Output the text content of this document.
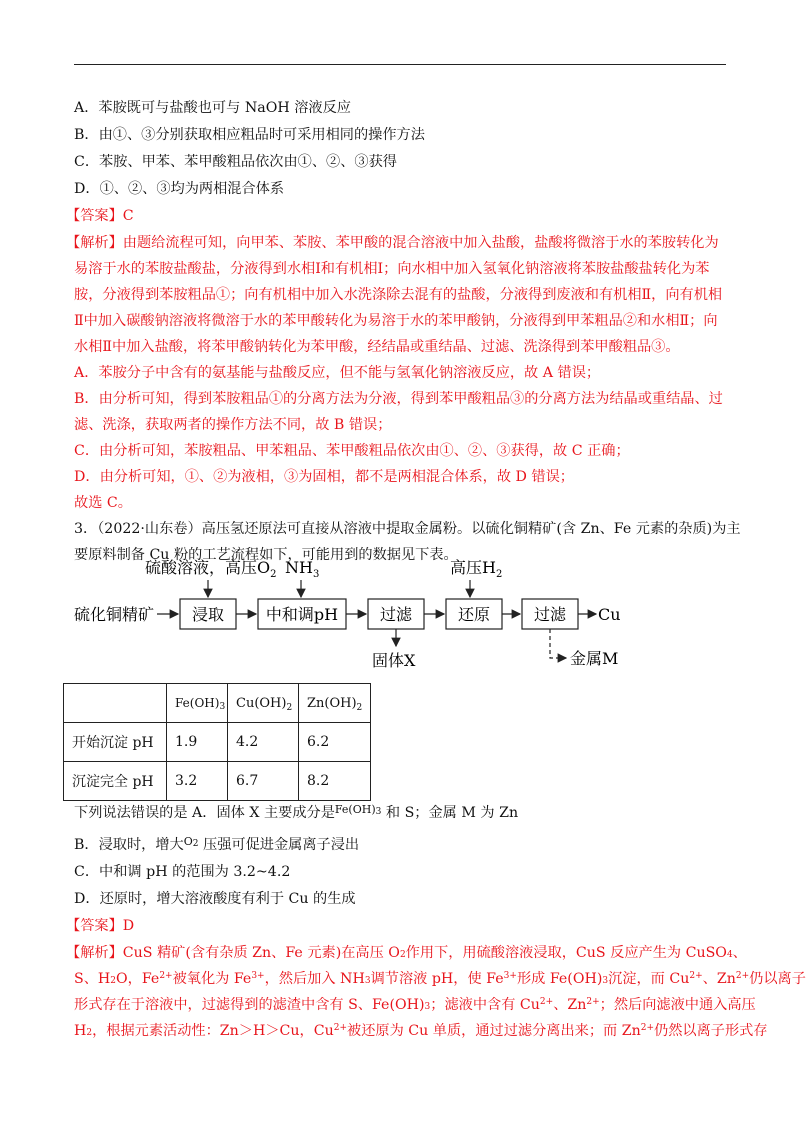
A．苯胺既可与盐酸也可与 NaOH 溶液反应
B．由①、③分别获取相应粗品时可采用相同的操作方法
C．苯胺、甲苯、苯甲酸粗品依次由①、②、③获得
D．①、②、③均为两相混合体系
【答案】C
【解析】由题给流程可知，向甲苯、苯胺、苯甲酸的混合溶液中加入盐酸，盐酸将微溶于水的苯胺转化为
易溶于水的苯胺盐酸盐，分液得到水相Ⅰ和有机相Ⅰ；向水相中加入氢氧化钠溶液将苯胺盐酸盐转化为苯
胺，分液得到苯胺粗品①；向有机相中加入水洗涤除去混有的盐酸，分液得到废液和有机相Ⅱ，向有机相
Ⅱ中加入碳酸钠溶液将微溶于水的苯甲酸转化为易溶于水的苯甲酸钠，分液得到甲苯粗品②和水相Ⅱ；向
水相Ⅱ中加入盐酸，将苯甲酸钠转化为苯甲酸，经结晶或重结晶、过滤、洗涤得到苯甲酸粗品③。
A．苯胺分子中含有的氨基能与盐酸反应，但不能与氢氧化钠溶液反应，故 A 错误；
B．由分析可知，得到苯胺粗品①的分离方法为分液，得到苯甲酸粗品③的分离方法为结晶或重结晶、过
滤、洗涤，获取两者的操作方法不同，故 B 错误；
C．由分析可知，苯胺粗品、甲苯粗品、苯甲酸粗品依次由①、②、③获得，故 C 正确；
D．由分析可知，①、②为液相，③为固相，都不是两相混合体系，故 D 错误；
故选 C。
3．（2022·山东卷）高压氢还原法可直接从溶液中提取金属粉。以硫化铜精矿(含 Zn、Fe 元素的杂质)为主
要原料制备 Cu 粉的工艺流程如下，可能用到的数据见下表。
硫酸溶液，高压$O_2$ $NH_3$	高压$H_2$
硫化铜精矿 浸取	中和调pH	过滤
固体X
还原	过滤 Cu
金属M
	$Fe(OH)_3$	$Cu(OH)_2$	$Zn(OH)_2$
开始沉淀 pH	1.9	4.2	6.2
沉淀完全 pH	3.2	6.7	8.2
下列说法错误的是 A．固体 X 主要成分是$^{Fe(OH)_3}$ 和 S；金属 M 为 Zn
B．浸取时，增大$^{O_2}$ 压强可促进金属离子浸出
C．中和调 pH 的范围为 3.2~4.2
D．还原时，增大溶液酸度有利于 Cu 的生成
【答案】D
【解析】CuS 精矿(含有杂质 Zn、Fe 元素)在高压 $O_2$作用下，用硫酸溶液浸取，CuS 反应产生为 CuSO$_4$、
S、$H_2O$，$Fe^{2+}$被氧化为 $Fe^{3+}$，然后加入 $NH_3$调节溶液 pH，使 $Fe^{3+}$形成 $Fe(OH)_3$沉淀，而 $Cu^{2+}$、$Zn^{2+}$仍以离子
形式存在于溶液中，过滤得到的滤渣中含有 S、$Fe(OH)_3$；滤液中含有 $Cu^{2+}$、$Zn^{2+}$；然后向滤液中通入高压
$H_2$，根据元素活动性：Zn＞H＞Cu，$Cu^{2+}$被还原为 Cu 单质，通过过滤分离出来；而 $Zn^{2+}$仍然以离子形式存
